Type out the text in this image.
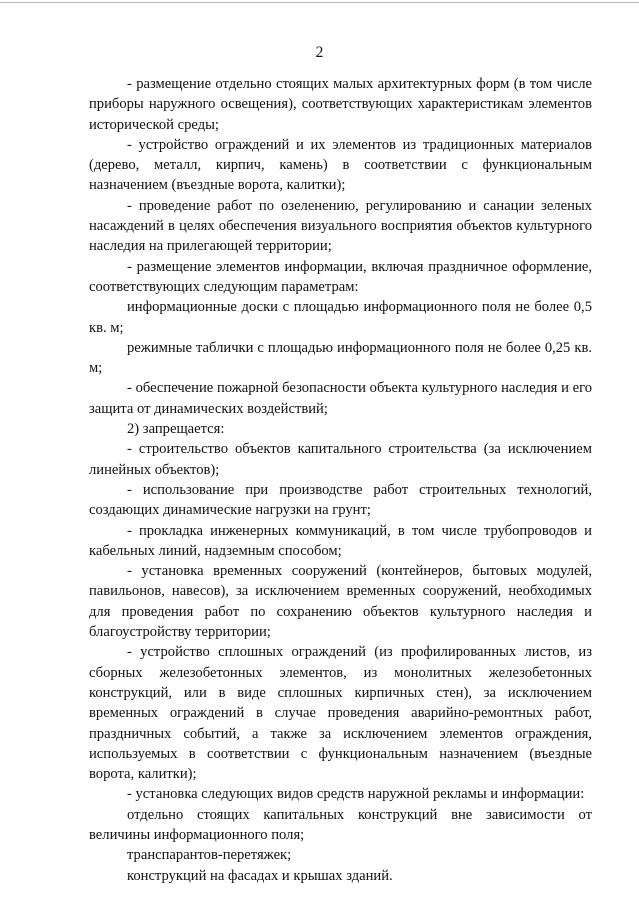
2

- размещение отдельно стоящих малых архитектурных форм (в том числе приборы наружного освещения), соответствующих характеристикам элементов исторической среды;

- устройство ограждений и их элементов из традиционных материалов (дерево, металл, кирпич, камень) в соответствии с функциональным назначением (въездные ворота, калитки);

- проведение работ по озеленению, регулированию и санации зеленых насаждений в целях обеспечения визуального восприятия объектов культурного наследия на прилегающей территории;

- размещение элементов информации, включая праздничное оформление, соответствующих следующим параметрам:

информационные доски с площадью информационного поля не более 0,5 кв. м;

режимные таблички с площадью информационного поля не более 0,25 кв. м;

- обеспечение пожарной безопасности объекта культурного наследия и его защита от динамических воздействий;

2) запрещается:

- строительство объектов капитального строительства (за исключением линейных объектов);

- использование при производстве работ строительных технологий, создающих динамические нагрузки на грунт;

- прокладка инженерных коммуникаций, в том числе трубопроводов и кабельных линий, надземным способом;

- установка временных сооружений (контейнеров, бытовых модулей, павильонов, навесов), за исключением временных сооружений, необходимых для проведения работ по сохранению объектов культурного наследия и благоустройству территории;

- устройство сплошных ограждений (из профилированных листов, из сборных железобетонных элементов, из монолитных железобетонных конструкций, или в виде сплошных кирпичных стен), за исключением временных ограждений в случае проведения аварийно-ремонтных работ, праздничных событий, а также за исключением элементов ограждения, используемых в соответствии с функциональным назначением (въездные ворота, калитки);

- установка следующих видов средств наружной рекламы и информации:

отдельно стоящих капитальных конструкций вне зависимости от величины информационного поля;

транспарантов-перетяжек;

конструкций на фасадах и крышах зданий.
